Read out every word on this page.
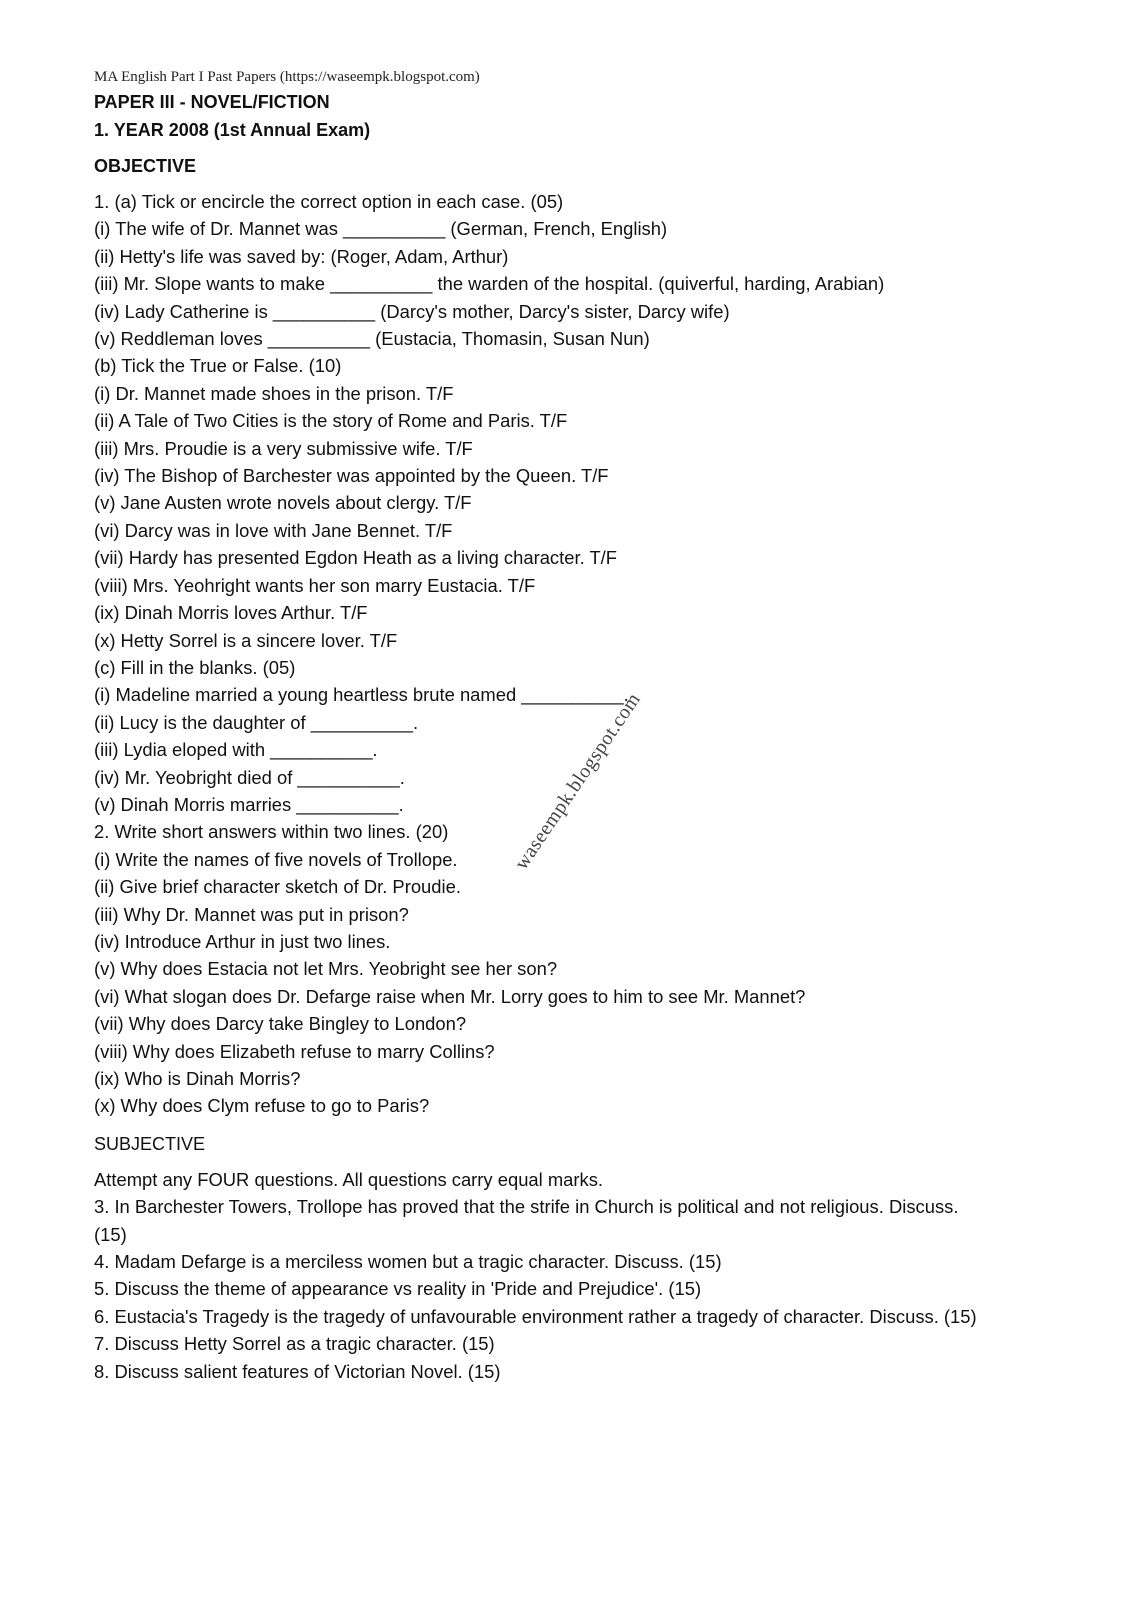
MA English Part I Past Papers (https://waseempk.blogspot.com)
PAPER III - NOVEL/FICTION
1. YEAR 2008 (1st Annual Exam)
OBJECTIVE
1. (a) Tick or encircle the correct option in each case. (05)
(i) The wife of Dr. Mannet was __________ (German, French, English)
(ii) Hetty's life was saved by: (Roger, Adam, Arthur)
(iii) Mr. Slope wants to make __________ the warden of the hospital. (quiverful, harding, Arabian)
(iv) Lady Catherine is __________ (Darcy's mother, Darcy's sister, Darcy wife)
(v) Reddleman loves __________ (Eustacia, Thomasin, Susan Nun)
(b) Tick the True or False. (10)
(i) Dr. Mannet made shoes in the prison. T/F
(ii) A Tale of Two Cities is the story of Rome and Paris. T/F
(iii) Mrs. Proudie is a very submissive wife. T/F
(iv) The Bishop of Barchester was appointed by the Queen. T/F
(v) Jane Austen wrote novels about clergy. T/F
(vi) Darcy was in love with Jane Bennet. T/F
(vii) Hardy has presented Egdon Heath as a living character. T/F
(viii) Mrs. Yeohright wants her son marry Eustacia. T/F
(ix) Dinah Morris loves Arthur. T/F
(x) Hetty Sorrel is a sincere lover. T/F
(c) Fill in the blanks. (05)
(i) Madeline married a young heartless brute named __________.
(ii) Lucy is the daughter of __________.
(iii) Lydia eloped with __________.
(iv) Mr. Yeobright died of __________.
(v) Dinah Morris marries __________.
2. Write short answers within two lines. (20)
(i) Write the names of five novels of Trollope.
(ii) Give brief character sketch of Dr. Proudie.
(iii) Why Dr. Mannet was put in prison?
(iv) Introduce Arthur in just two lines.
(v) Why does Estacia not let Mrs. Yeobright see her son?
(vi) What slogan does Dr. Defarge raise when Mr. Lorry goes to him to see Mr. Mannet?
(vii) Why does Darcy take Bingley to London?
(viii) Why does Elizabeth refuse to marry Collins?
(ix) Who is Dinah Morris?
(x) Why does Clym refuse to go to Paris?
SUBJECTIVE
Attempt any FOUR questions. All questions carry equal marks.
3. In Barchester Towers, Trollope has proved that the strife in Church is political and not religious. Discuss.
(15)
4. Madam Defarge is a merciless women but a tragic character. Discuss. (15)
5. Discuss the theme of appearance vs reality in 'Pride and Prejudice'. (15)
6. Eustacia's Tragedy is the tragedy of unfavourable environment rather a tragedy of character. Discuss. (15)
7. Discuss Hetty Sorrel as a tragic character. (15)
8. Discuss salient features of Victorian Novel. (15)
waseempk.blogspot.com
